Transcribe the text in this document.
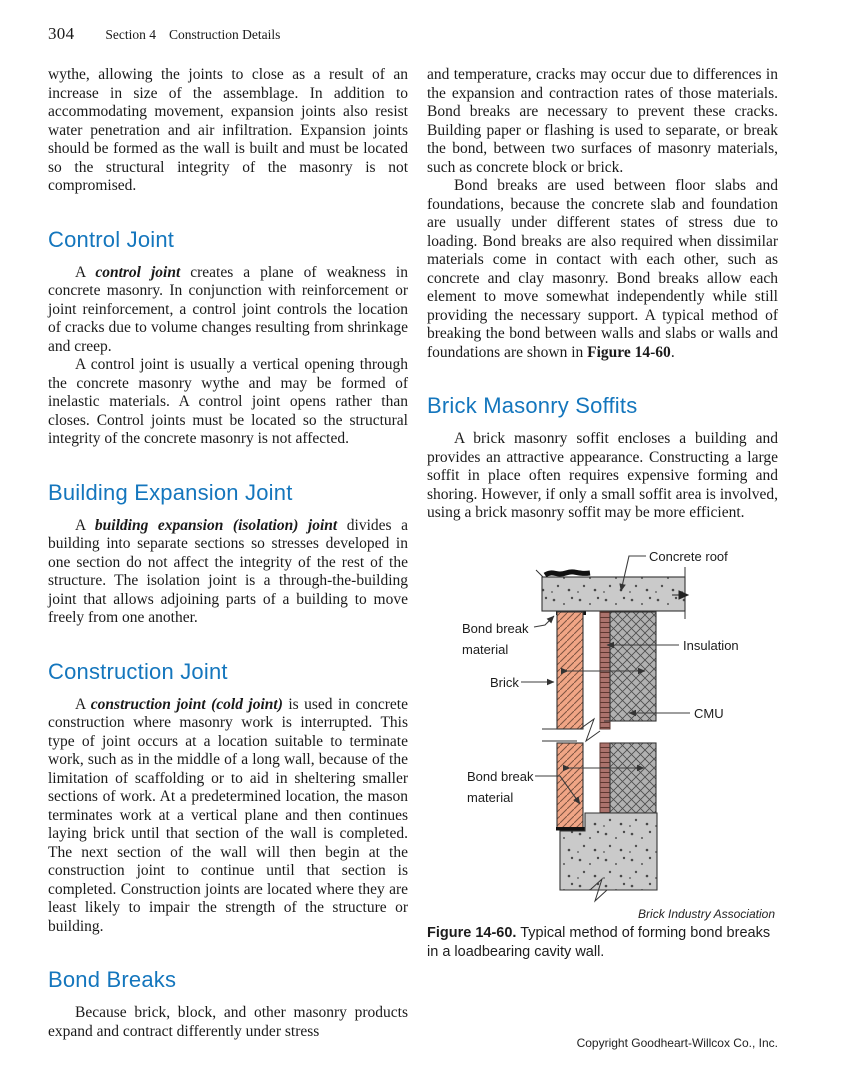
304 Section 4 Construction Details

wythe, allowing the joints to close as a result of an increase in size of the assemblage. In addition to accommodating movement, expansion joints also resist water penetration and air infiltration. Expansion joints should be formed as the wall is built and must be located so the structural integrity of the masonry is not compromised.

Control Joint

A control joint creates a plane of weakness in concrete masonry. In conjunction with reinforcement or joint reinforcement, a control joint controls the location of cracks due to volume changes resulting from shrinkage and creep.

A control joint is usually a vertical opening through the concrete masonry wythe and may be formed of inelastic materials. A control joint opens rather than closes. Control joints must be located so the structural integrity of the concrete masonry is not affected.

Building Expansion Joint

A building expansion (isolation) joint divides a building into separate sections so stresses developed in one section do not affect the integrity of the rest of the structure. The isolation joint is a through-the-building joint that allows adjoining parts of a building to move freely from one another.

Construction Joint

A construction joint (cold joint) is used in concrete construction where masonry work is interrupted. This type of joint occurs at a location suitable to terminate work, such as in the middle of a long wall, because of the limitation of scaffolding or to aid in sheltering smaller sections of work. At a predetermined location, the mason terminates work at a vertical plane and then continues laying brick until that section of the wall is completed. The next section of the wall will then begin at the construction joint to continue until that section is completed. Construction joints are located where they are least likely to impair the strength of the structure or building.

Bond Breaks

Because brick, block, and other masonry products expand and contract differently under stress

and temperature, cracks may occur due to differences in the expansion and contraction rates of those materials. Bond breaks are necessary to prevent these cracks. Building paper or flashing is used to separate, or break the bond, between two surfaces of masonry materials, such as concrete block or brick.

Bond breaks are used between floor slabs and foundations, because the concrete slab and foundation are usually under different states of stress due to loading. Bond breaks are also required when dissimilar materials come in contact with each other, such as concrete and clay masonry. Bond breaks allow each element to move somewhat independently while still providing the necessary support. A typical method of breaking the bond between walls and slabs or walls and foundations are shown in Figure 14-60.

Brick Masonry Soffits

A brick masonry soffit encloses a building and provides an attractive appearance. Constructing a large soffit in place often requires expensive forming and shoring. However, if only a small soffit area is involved, using a brick masonry soffit may be more efficient.

Concrete roof
Bond break
material	Insulation
Brick
CMU
Bond break
material
Brick Industry Association

Figure 14-60. Typical method of forming bond breaks in a loadbearing cavity wall.

Copyright Goodheart-Willcox Co., Inc.
